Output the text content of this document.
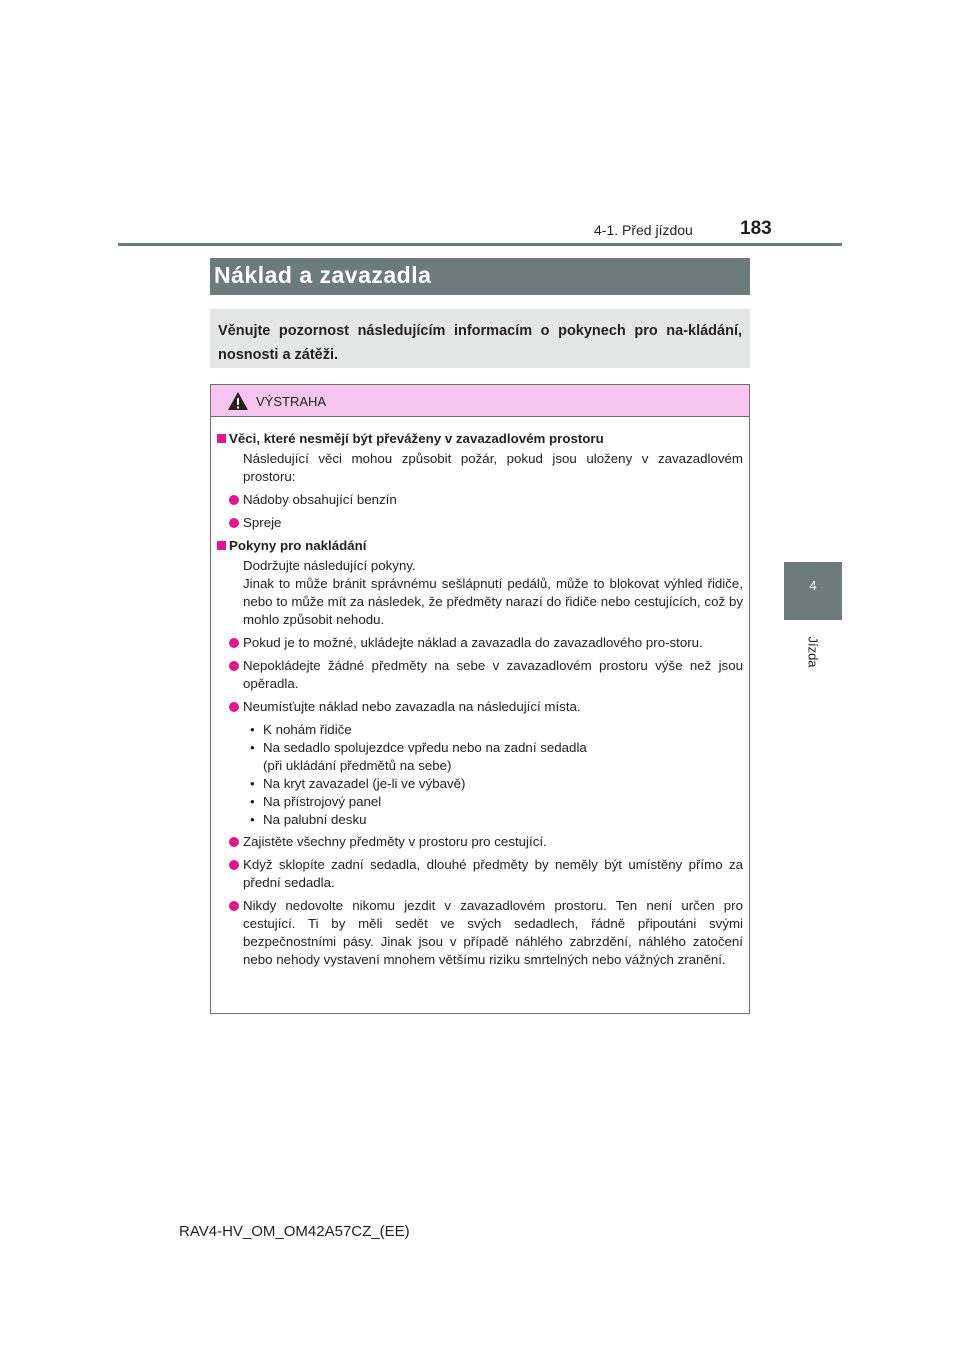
4-1. Před jízdou 183
4
Jízda
Náklad a zavazadla
Věnujte pozornost následujícím informacím o pokynech pro na-kládání, nosnosti a zátěži.
VÝSTRAHA
Věci, které nesmějí být převáženy v zavazadlovém prostoru
Následující věci mohou způsobit požár, pokud jsou uloženy v zavazadlovém prostoru:
Nádoby obsahující benzín
Spreje
Pokyny pro nakládání
Dodržujte následující pokyny.
Jinak to může bránit správnému sešlápnutí pedálů, může to blokovat výhled řidiče, nebo to může mít za následek, že předměty narazí do řidiče nebo cestujících, což by mohlo způsobit nehodu.
Pokud je to možné, ukládejte náklad a zavazadla do zavazadlového pro-storu.
Nepokládejte žádné předměty na sebe v zavazadlovém prostoru výše než jsou opěradla.
Neumísťujte náklad nebo zavazadla na následující místa.
• K nohám řidiče
• Na sedadlo spolujezdce vpředu nebo na zadní sedadla
(při ukládání předmětů na sebe)
• Na kryt zavazadel (je-li ve výbavě)
• Na přístrojový panel
• Na palubní desku
Zajistěte všechny předměty v prostoru pro cestující.
Když sklopíte zadní sedadla, dlouhé předměty by neměly být umístěny přímo za přední sedadla.
Nikdy nedovolte nikomu jezdit v zavazadlovém prostoru. Ten není určen pro cestující. Ti by měli sedět ve svých sedadlech, řádně připoutáni svými bezpečnostními pásy. Jinak jsou v případě náhlého zabrzdění, náhlého zatočení nebo nehody vystavení mnohem většímu riziku smrtelných nebo vážných zranění.
RAV4-HV_OM_OM42A57CZ_(EE)
